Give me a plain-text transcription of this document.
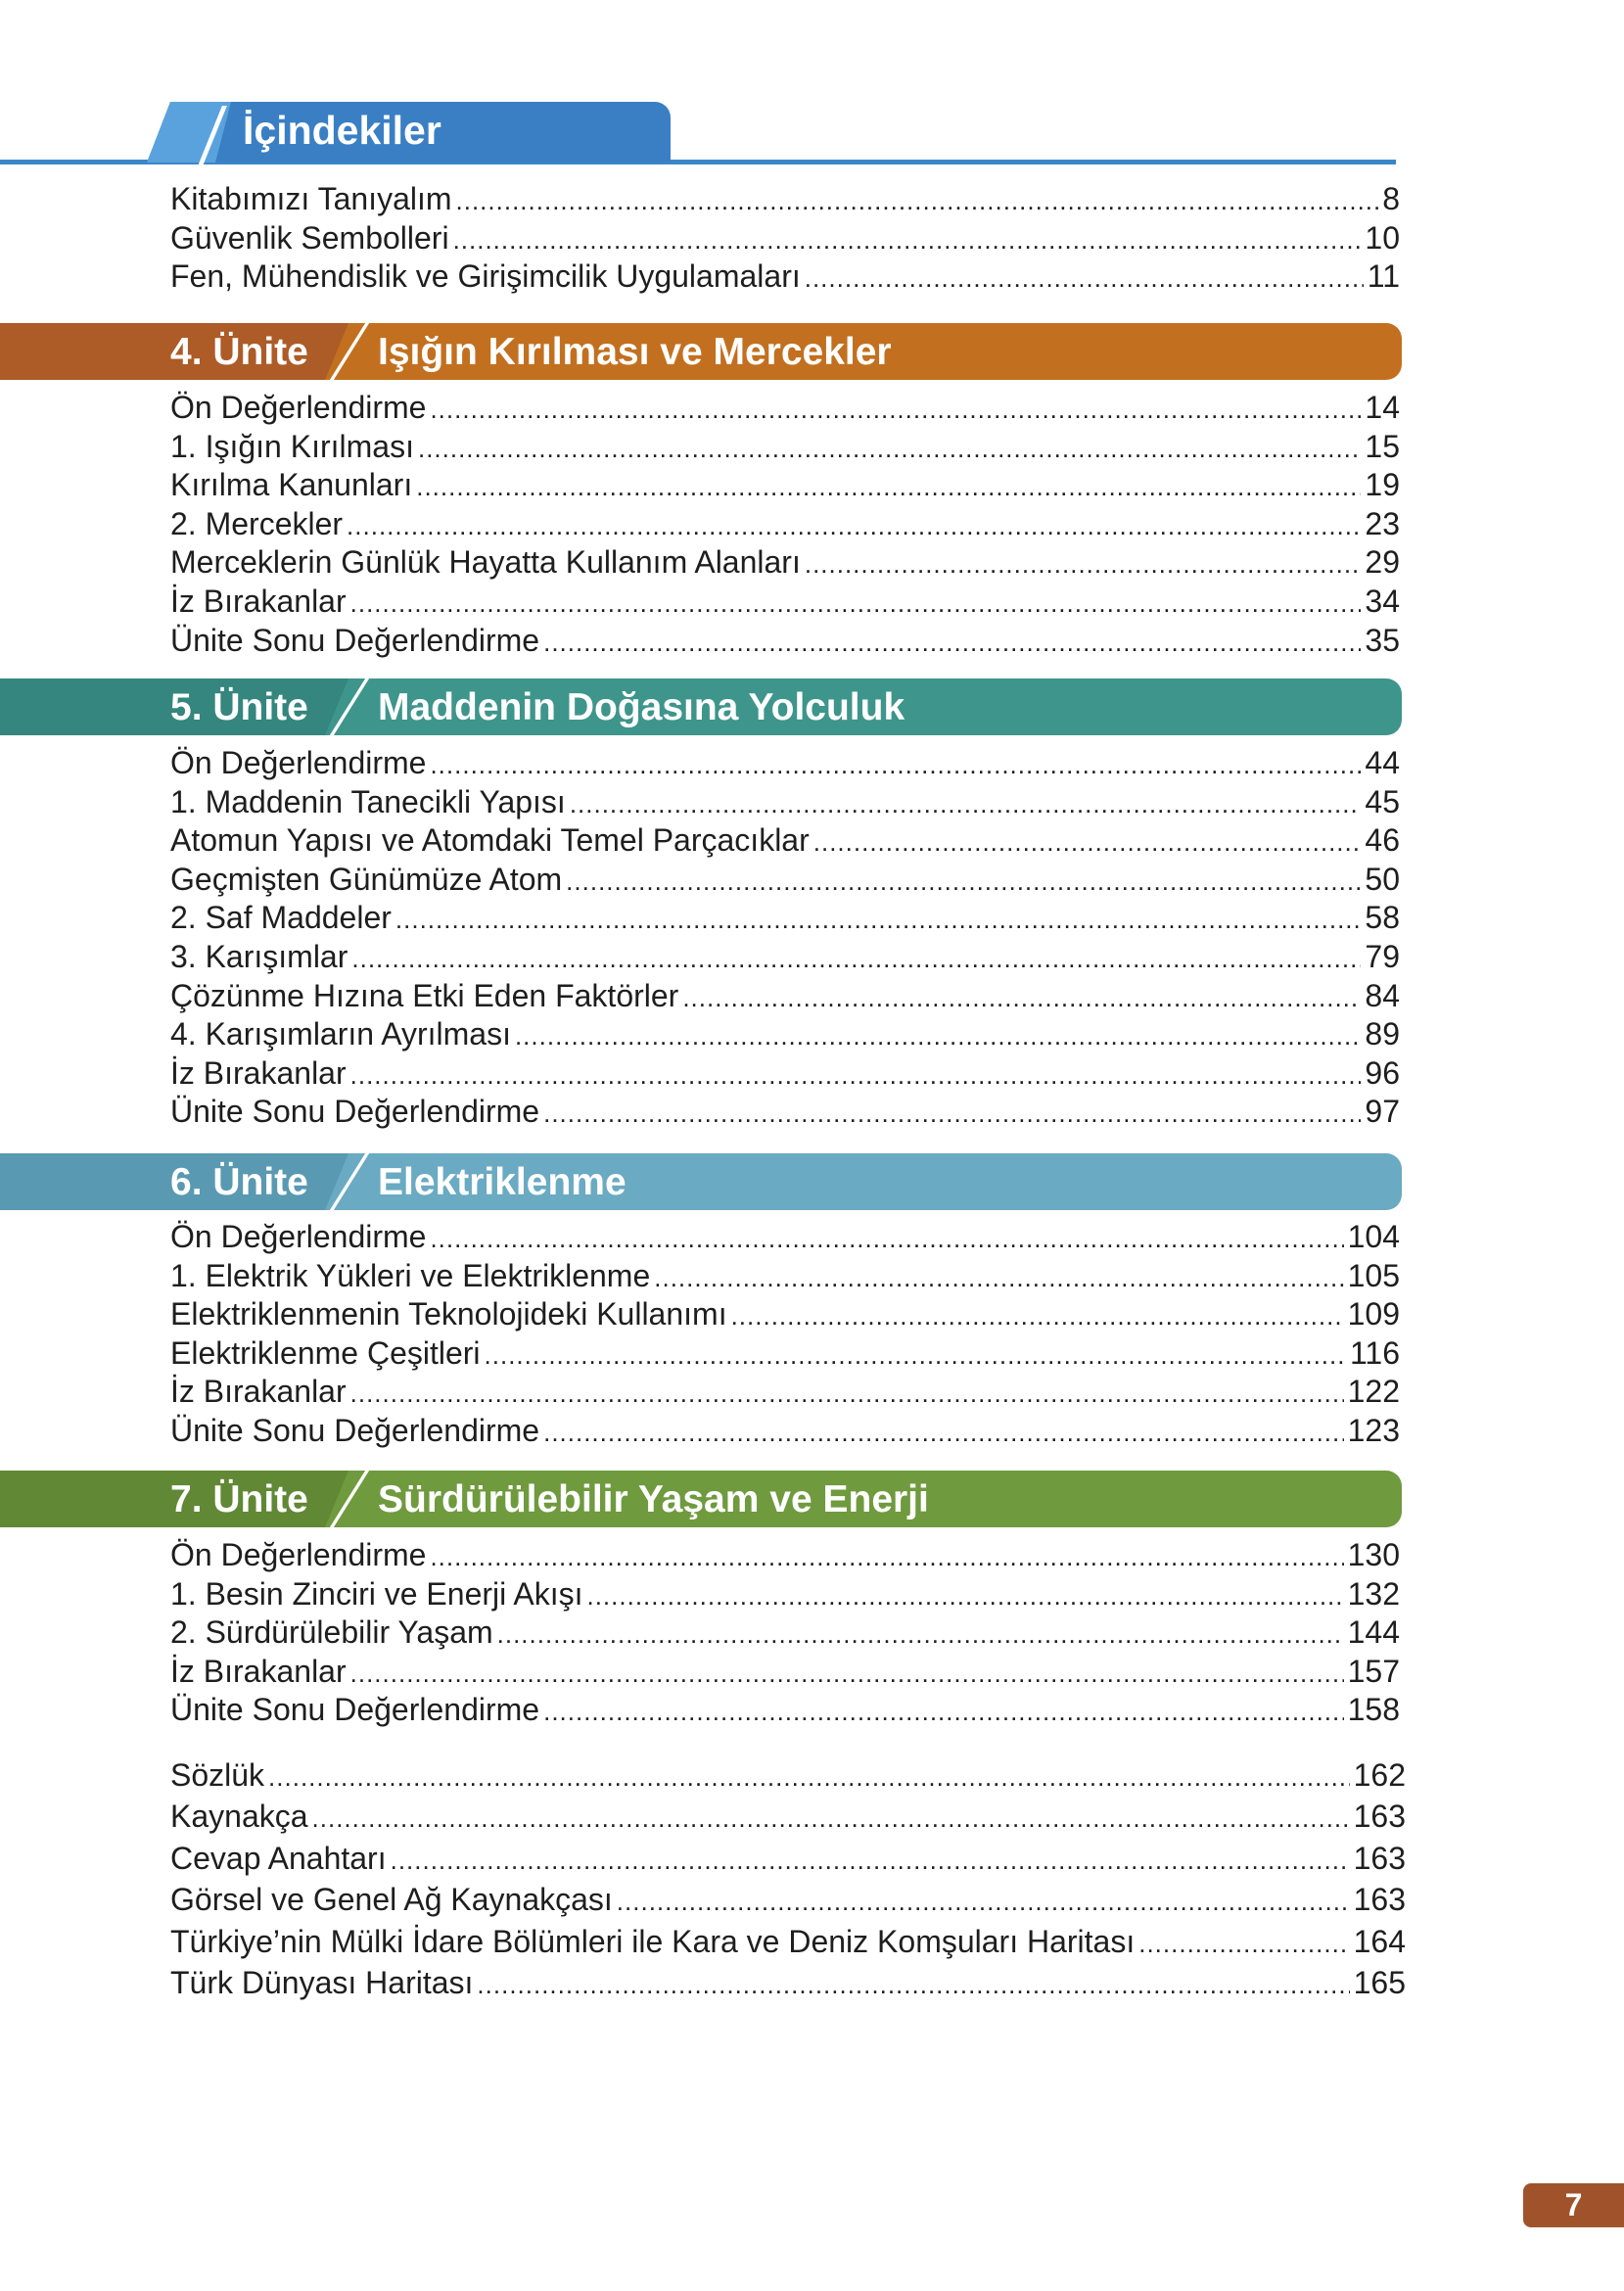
İçindekiler
Kitabımızı Tanıyalım .....	8
Güvenlik Sembolleri .....	10
Fen, Mühendislik ve Girişimcilik Uygulamaları .....	11
4. Ünite Işığın Kırılması ve Mercekler
Ön Değerlendirme .....	14
1. Işığın Kırılması .....	15
Kırılma Kanunları .....	19
2. Mercekler .....	23
Merceklerin Günlük Hayatta Kullanım Alanları .....	29
İz Bırakanlar .....	34
Ünite Sonu Değerlendirme .....	35
5. Ünite Maddenin Doğasına Yolculuk
Ön Değerlendirme .....	44
1. Maddenin Tanecikli Yapısı .....	45
Atomun Yapısı ve Atomdaki Temel Parçacıklar .....	46
Geçmişten Günümüze Atom .....	50
2. Saf Maddeler .....	58
3. Karışımlar .....	79
Çözünme Hızına Etki Eden Faktörler .....	84
4. Karışımların Ayrılması .....	89
İz Bırakanlar .....	96
Ünite Sonu Değerlendirme .....	97
6. Ünite Elektriklenme
Ön Değerlendirme .....	104
1. Elektrik Yükleri ve Elektriklenme .....	105
Elektriklenmenin Teknolojideki Kullanımı .....	109
Elektriklenme Çeşitleri .....	116
İz Bırakanlar .....	122
Ünite Sonu Değerlendirme .....	123
7. Ünite Sürdürülebilir Yaşam ve Enerji
Ön Değerlendirme .....	130
1. Besin Zinciri ve Enerji Akışı .....	132
2. Sürdürülebilir Yaşam .....	144
İz Bırakanlar .....	157
Ünite Sonu Değerlendirme .....	158
Sözlük .....	162
Kaynakça .....	163
Cevap Anahtarı .....	163
Görsel ve Genel Ağ Kaynakçası .....	163
Türkiye’nin Mülki İdare Bölümleri ile Kara ve Deniz Komşuları Haritası .....	164
Türk Dünyası Haritası .....	165
7
